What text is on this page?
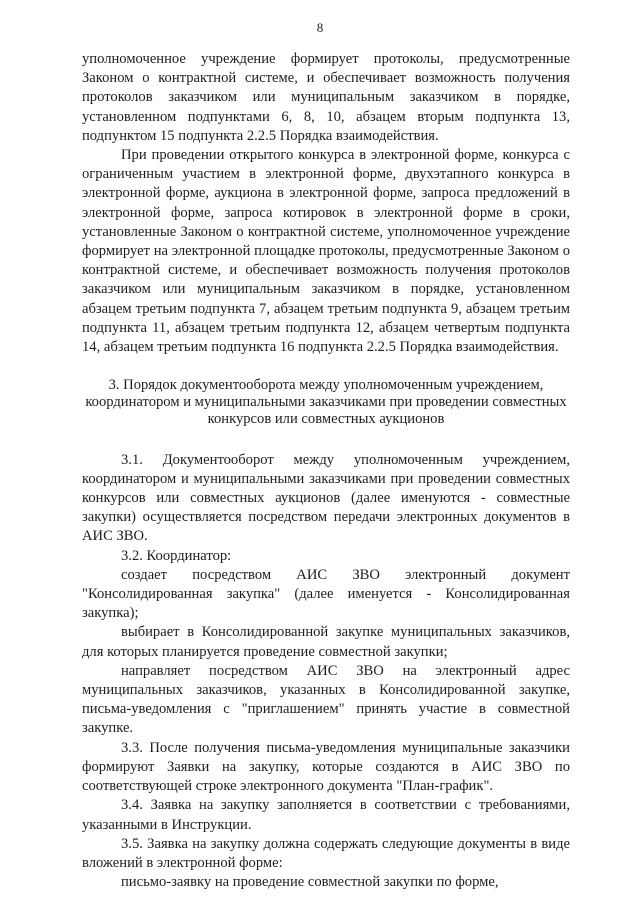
8

уполномоченное учреждение формирует протоколы, предусмотренные Законом о контрактной системе, и обеспечивает возможность получения протоколов заказчиком или муниципальным заказчиком в порядке, установленном подпунктами 6, 8, 10, абзацем вторым подпункта 13, подпунктом 15 подпункта 2.2.5 Порядка взаимодействия.

При проведении открытого конкурса в электронной форме, конкурса с ограниченным участием в электронной форме, двухэтапного конкурса в электронной форме, аукциона в электронной форме, запроса предложений в электронной форме, запроса котировок в электронной форме в сроки, установленные Законом о контрактной системе, уполномоченное учреждение формирует на электронной площадке протоколы, предусмотренные Законом о контрактной системе, и обеспечивает возможность получения протоколов заказчиком или муниципальным заказчиком в порядке, установленном абзацем третьим подпункта 7, абзацем третьим подпункта 9, абзацем третьим подпункта 11, абзацем третьим подпункта 12, абзацем четвертым подпункта 14, абзацем третьим подпункта 16 подпункта 2.2.5 Порядка взаимодействия.

3. Порядок документооборота между уполномоченным учреждением, координатором и муниципальными заказчиками при проведении совместных конкурсов или совместных аукционов

3.1. Документооборот между уполномоченным учреждением, координатором и муниципальными заказчиками при проведении совместных конкурсов или совместных аукционов (далее именуются - совместные закупки) осуществляется посредством передачи электронных документов в АИС ЗВО.

3.2. Координатор:

создает посредством АИС ЗВО электронный документ "Консолидированная закупка" (далее именуется - Консолидированная закупка);

выбирает в Консолидированной закупке муниципальных заказчиков, для которых планируется проведение совместной закупки;

направляет посредством АИС ЗВО на электронный адрес муниципальных заказчиков, указанных в Консолидированной закупке, письма-уведомления с "приглашением" принять участие в совместной закупке.

3.3. После получения письма-уведомления муниципальные заказчики формируют Заявки на закупку, которые создаются в АИС ЗВО по соответствующей строке электронного документа "План-график".

3.4. Заявка на закупку заполняется в соответствии с требованиями, указанными в Инструкции.

3.5. Заявка на закупку должна содержать следующие документы в виде вложений в электронной форме:

письмо-заявку на проведение совместной закупки по форме,
